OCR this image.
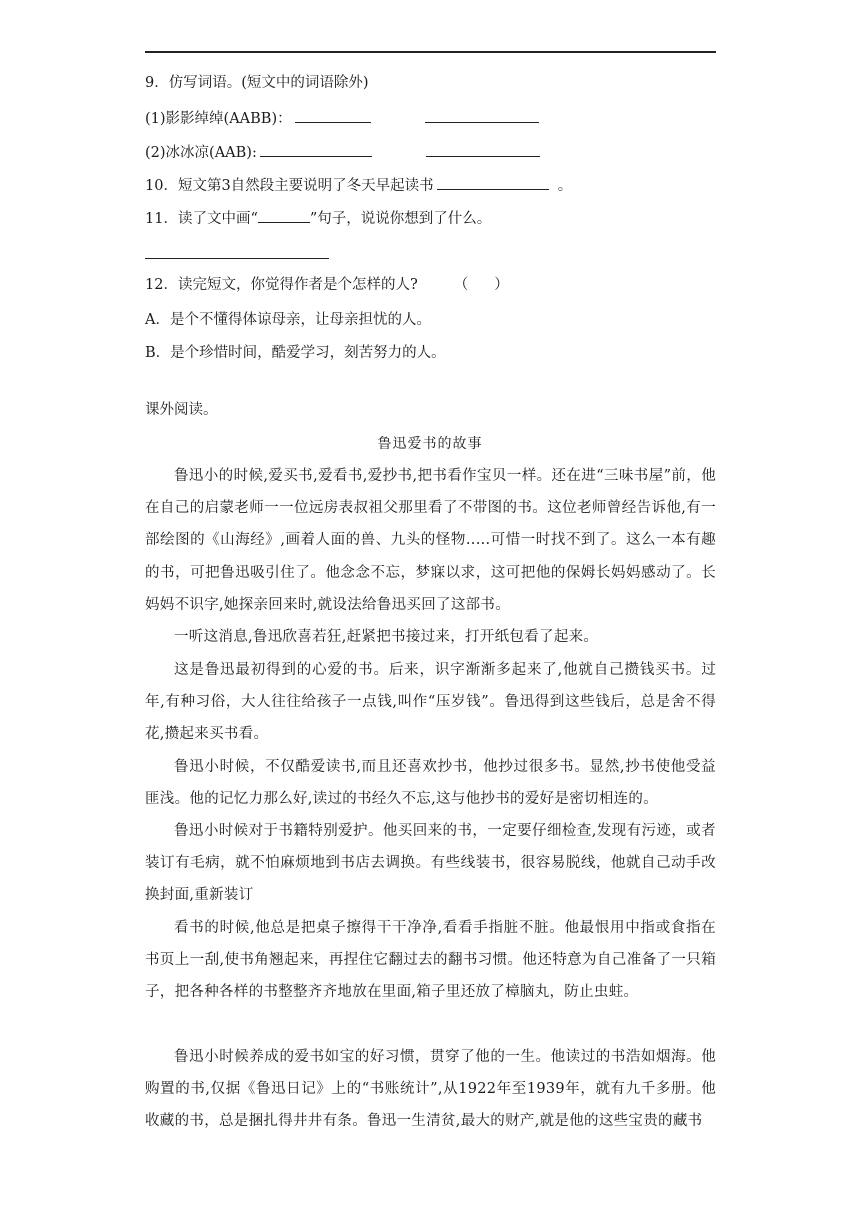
9．仿写词语。(短文中的词语除外)
(1)影影绰绰(AABB)：
(2)冰冰凉(AAB):
10．短文第3自然段主要说明了冬天早起读书	。
11．读了文中画“	”句子，说说你想到了什么。
12．读完短文，你觉得作者是个怎样的人? （）
A．是个不懂得体谅母亲，让母亲担忧的人。
B．是个珍惜时间，酷爱学习，刻苦努力的人。
课外阅读。
鲁迅爱书的故事
鲁迅小的时候,爱买书,爱看书,爱抄书,把书看作宝贝一样。还在进“三味书屋”前，他在自己的启蒙老师一一位远房表叔祖父那里看了不带图的书。这位老师曾经告诉他,有一部绘图的《山海经》,画着人面的兽、九头的怪物.....可惜一时找不到了。这么一本有趣的书，可把鲁迅吸引住了。他念念不忘，梦寐以求，这可把他的保姆长妈妈感动了。长妈妈不识字,她探亲回来时,就设法给鲁迅买回了这部书。
一听这消息,鲁迅欣喜若狂,赶紧把书接过来，打开纸包看了起来。
这是鲁迅最初得到的心爱的书。后来，识字渐渐多起来了,他就自己攒钱买书。过年,有种习俗，大人往往给孩子一点钱,叫作“压岁钱”。鲁迅得到这些钱后，总是舍不得花,攒起来买书看。
鲁迅小时候，不仅酷爱读书,而且还喜欢抄书，他抄过很多书。显然,抄书使他受益匪浅。他的记忆力那么好,读过的书经久不忘,这与他抄书的爱好是密切相连的。
鲁迅小时候对于书籍特别爱护。他买回来的书，一定要仔细检查,发现有污迹，或者装订有毛病，就不怕麻烦地到书店去调换。有些线装书，很容易脱线，他就自己动手改换封面,重新装订
看书的时候,他总是把桌子擦得干干净净,看看手指脏不脏。他最恨用中指或食指在书页上一刮,使书角翘起来，再捏住它翻过去的翻书习惯。他还特意为自己准备了一只箱子，把各种各样的书整整齐齐地放在里面,箱子里还放了樟脑丸，防止虫蛀。
鲁迅小时候养成的爱书如宝的好习惯，贯穿了他的一生。他读过的书浩如烟海。他购置的书,仅据《鲁迅日记》上的“书账统计”,从1922年至1939年，就有九千多册。他收藏的书，总是捆扎得井井有条。鲁迅一生清贫,最大的财产,就是他的这些宝贵的藏书
